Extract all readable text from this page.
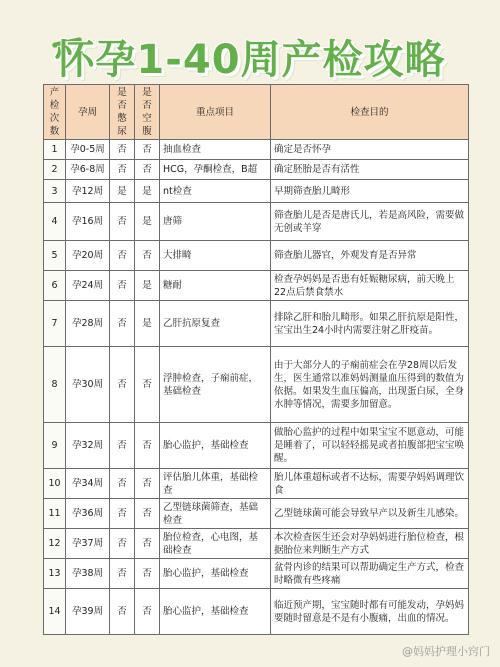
怀孕1-40周产检攻略
产检次数	孕周	是否憋尿	是否空腹	重点项目	检查目的
1	孕0-5周	否	否	抽血检查	确定是否怀孕
2	孕6-8周	否	否	HCG，孕酮检查，B超	确定胚胎是否有活性
3	孕12周	是	是	nt检查	早期筛查胎儿畸形
4	孕16周	否	是	唐筛	筛查胎儿是否是唐氏儿，若是高风险，需要做无创或羊穿
5	孕20周	否	否	大排畸	筛查胎儿器官，外观发育是否异常
6	孕24周	否	是	糖耐	检查孕妈妈是否患有妊娠糖尿病，前天晚上22点后禁食禁水
7	孕28周	否	是	乙肝抗原复查	排除乙肝和胎儿畸形。如果乙肝抗原是阳性，宝宝出生24小时内需要注射乙肝疫苗。
8	孕30周	否	否	浮肿检查，子痫前症，基础检查	由于大部分人的子痫前症会在孕28周以后发生，医生通常以准妈妈测量血压得到的数值为依据。如果发生血压偏高，出现蛋白尿，全身水肿等情况，需要多加留意。
9	孕32周	否	否	胎心监护，基础检查	做胎心监护的过程中如果宝宝不愿意动，可能是睡着了，可以轻轻摇晃或者拍腹部把宝宝唤醒。
10	孕34周	否	否	评估胎儿体重，基础检查	胎儿体重超标或者不达标，需要孕妈妈调理饮食
11	孕36周	否	否	乙型链球菌筛查，基础检查	乙型链球菌可能会导致早产以及新生儿感染。
12	孕37周	否	否	胎位检查，心电图，基础检查	本次检查医生还会对孕妈妈进行胎位检查，根据胎位来判断生产方式
13	孕38周	否	否	胎心监护，基础检查	盆骨内诊的结果可以帮助确定生产方式，检查时略微有些疼痛
14	孕39周	否	否	胎心监护，基础检查	临近预产期，宝宝随时都有可能发动，孕妈妈要随时留意是不是有小腹痛，出血的情况。
@妈妈护理小窍门
